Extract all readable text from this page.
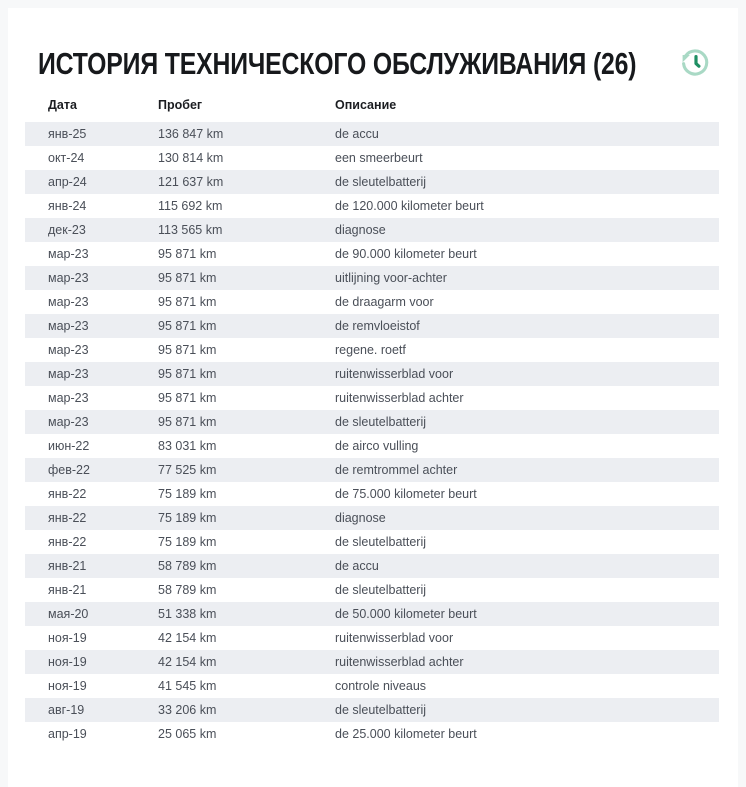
ИСТОРИЯ ТЕХНИЧЕСКОГО ОБСЛУЖИВАНИЯ (26)
Дата	Пробег	Описание
янв-25	136 847 km	de accu
окт-24	130 814 km	een smeerbeurt
апр-24	121 637 km	de sleutelbatterij
янв-24	115 692 km	de 120.000 kilometer beurt
дек-23	113 565 km	diagnose
мар-23	95 871 km	de 90.000 kilometer beurt
мар-23	95 871 km	uitlijning voor-achter
мар-23	95 871 km	de draagarm voor
мар-23	95 871 km	de remvloeistof
мар-23	95 871 km	regene. roetf
мар-23	95 871 km	ruitenwisserblad voor
мар-23	95 871 km	ruitenwisserblad achter
мар-23	95 871 km	de sleutelbatterij
июн-22	83 031 km	de airco vulling
фев-22	77 525 km	de remtrommel achter
янв-22	75 189 km	de 75.000 kilometer beurt
янв-22	75 189 km	diagnose
янв-22	75 189 km	de sleutelbatterij
янв-21	58 789 km	de accu
янв-21	58 789 km	de sleutelbatterij
мая-20	51 338 km	de 50.000 kilometer beurt
ноя-19	42 154 km	ruitenwisserblad voor
ноя-19	42 154 km	ruitenwisserblad achter
ноя-19	41 545 km	controle niveaus
авг-19	33 206 km	de sleutelbatterij
апр-19	25 065 km	de 25.000 kilometer beurt
